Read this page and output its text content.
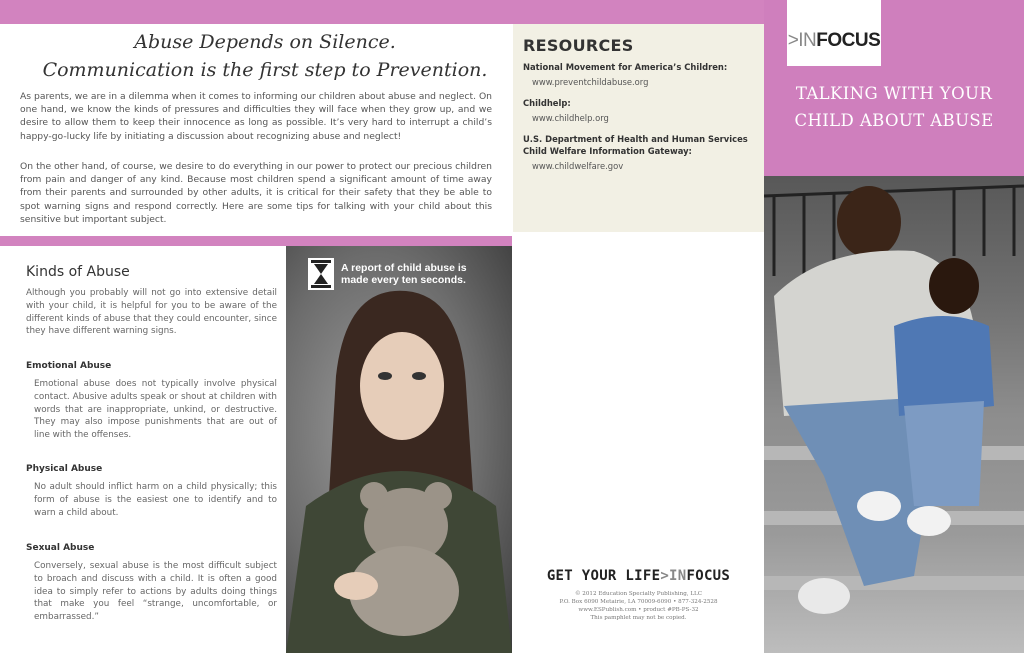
Abuse Depends on Silence.
Communication is the first step to Prevention.

As parents, we are in a dilemma when it comes to informing our children about abuse and neglect. On one hand, we know the kinds of pressures and difficulties they will face when they grow up, and we desire to allow them to keep their innocence as long as possible. It’s very hard to interrupt a child’s happy-go-lucky life by initiating a discussion about recognizing abuse and neglect!

On the other hand, of course, we desire to do everything in our power to protect our precious children from pain and danger of any kind. Because most children spend a significant amount of time away from their parents and surrounded by other adults, it is critical for their safety that they be able to spot warning signs and respond correctly. Here are some tips for talking with your child about this sensitive but important subject.

RESOURCES
National Movement for America’s Children:
www.preventchildabuse.org
Childhelp:
www.childhelp.org
U.S. Department of Health and Human Services Child Welfare Information Gateway:
www.childwelfare.gov
>INFOCUS
TALKING WITH YOUR
CHILD ABOUT ABUSE
Kinds of Abuse

Although you probably will not go into extensive detail with your child, it is helpful for you to be aware of the different kinds of abuse that they could encounter, since they have different warning signs.

Emotional Abuse

Emotional abuse does not typically involve physical contact. Abusive adults speak or shout at children with words that are inappropriate, unkind, or destructive. They may also impose punishments that are out of line with the offenses.

Physical Abuse

No adult should inflict harm on a child physically; this form of abuse is the easiest one to identify and to warn a child about.

Sexual Abuse

Conversely, sexual abuse is the most difficult subject to broach and discuss with a child. It is often a good idea to simply refer to actions by adults doing things that make you feel “strange, uncomfortable, or embarrassed.”

A report of child abuse is
made every ten seconds.
GET YOUR LIFE>INFOCUS
© 2012 Education Specialty Publishing, LLC
P.O. Box 6090 Metairie, LA 70009-6090 • 877-324-2528
www.ESPublish.com • product #PB-PS-32
This pamphlet may not be copied.
